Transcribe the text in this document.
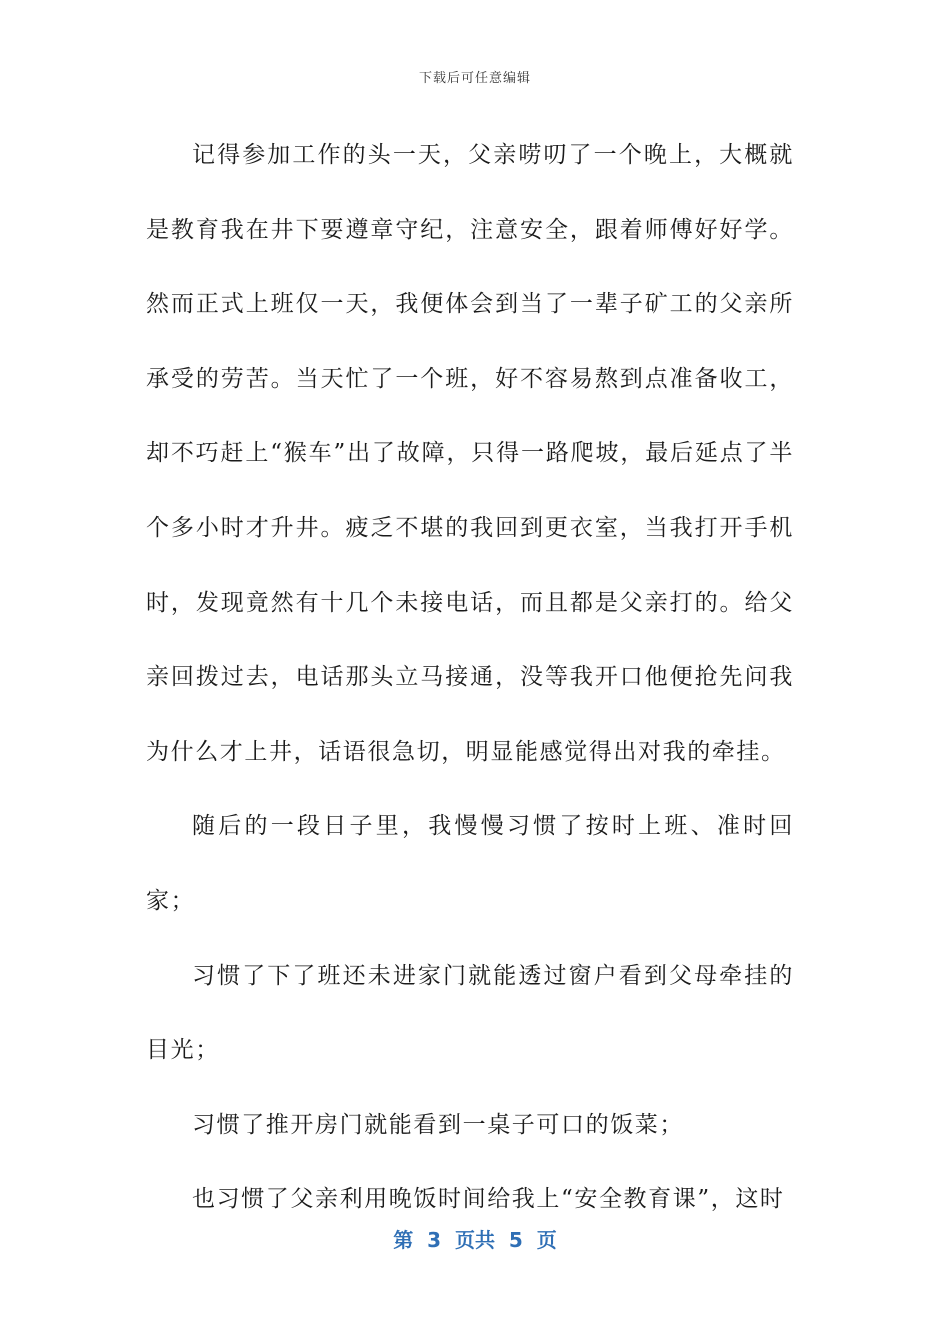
下载后可任意编辑

记得参加工作的头一天，父亲唠叨了一个晚上，大概就是教育我在井下要遵章守纪，注意安全，跟着师傅好好学。然而正式上班仅一天，我便体会到当了一辈子矿工的父亲所承受的劳苦。当天忙了一个班，好不容易熬到点准备收工，却不巧赶上“猴车”出了故障，只得一路爬坡，最后延点了半个多小时才升井。疲乏不堪的我回到更衣室，当我打开手机时，发现竟然有十几个未接电话，而且都是父亲打的。给父亲回拨过去，电话那头立马接通，没等我开口他便抢先问我为什么才上井，话语很急切，明显能感觉得出对我的牵挂。

随后的一段日子里，我慢慢习惯了按时上班、准时回家；

习惯了下了班还未进家门就能透过窗户看到父母牵挂的目光；

习惯了推开房门就能看到一桌子可口的饭菜；

也习惯了父亲利用晚饭时间给我上“安全教育课”，这时

第  3  页共  5  页
